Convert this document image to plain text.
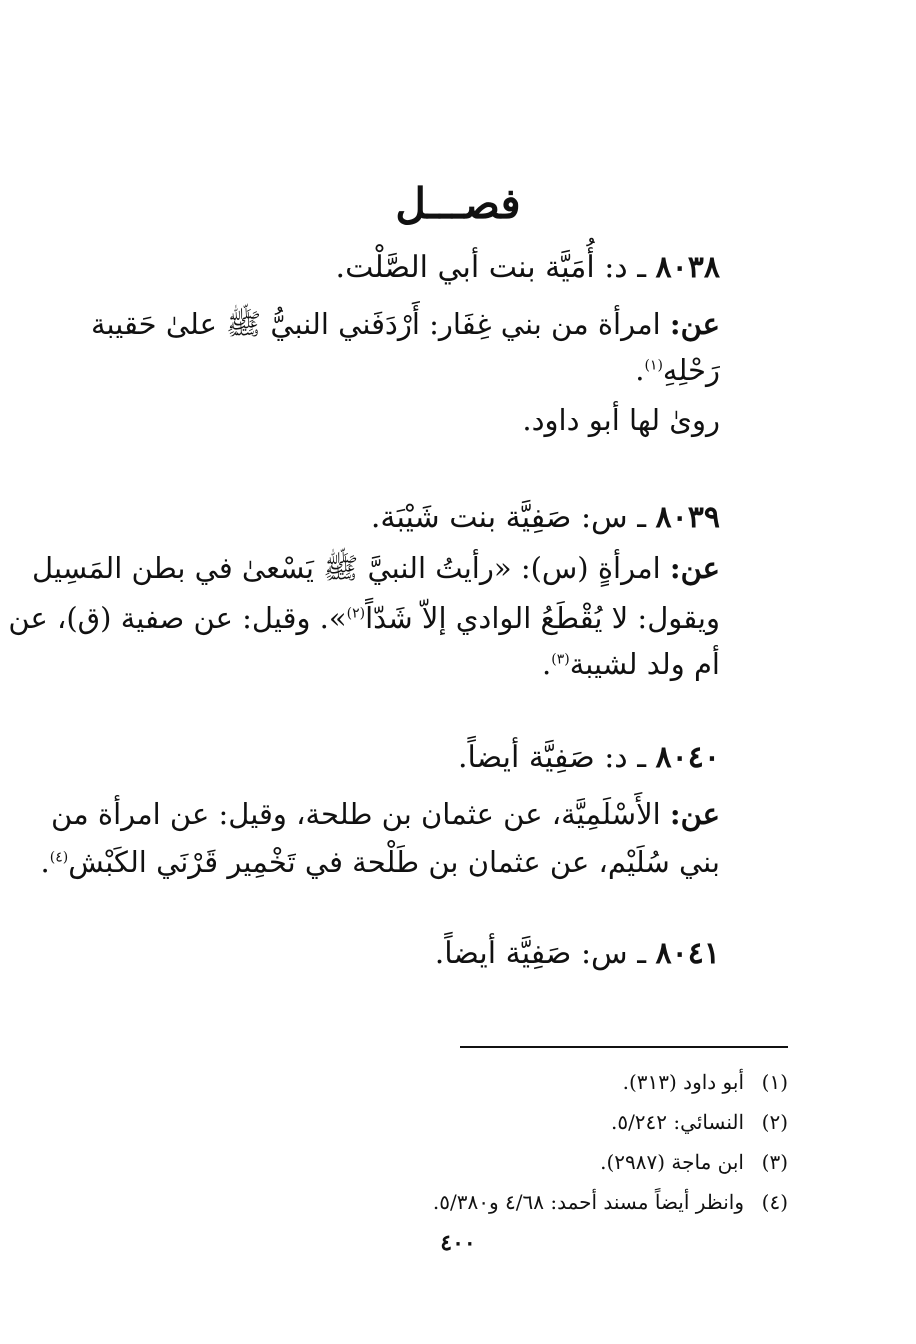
فصـــل
٨٠٣٨ ـ د: أُمَيَّة بنت أبي الصَّلْت.
عن: امرأة من بني غِفَار: أَرْدَفَني النبيُّ ﷺ علىٰ حَقيبة
رَحْلِهِ$^{(١)}$.
رویٰ لها أبو داود.
٨٠٣٩ ـ س: صَفِيَّة بنت شَيْبَة.
عن: امرأةٍ (س): «رأيتُ النبيَّ ﷺ يَسْعىٰ في بطن المَسِيل
ويقول: لا يُقْطَعُ الوادي إلاّ شَدّاً$^{(٢)}$». وقيل: عن صفية (ق)، عن
أم ولد لشيبة$^{(٣)}$.
٨٠٤٠ ـ د: صَفِيَّة أيضاً.
عن: الأَسْلَمِيَّة، عن عثمان بن طلحة، وقيل: عن امرأة من
بني سُلَيْم، عن عثمان بن طَلْحة في تَخْمِير قَرْنَي الكَبْش$^{(٤)}$.
٨٠٤١ ـ س: صَفِيَّة أيضاً.
(١)أبو داود (٣١٣).
(٢)النسائي: ٥/٢٤٢.
(٣)ابن ماجة (٢٩٨٧).
(٤)وانظر أيضاً مسند أحمد: ٤/٦٨ و٥/٣٨٠.
٤٠٠
